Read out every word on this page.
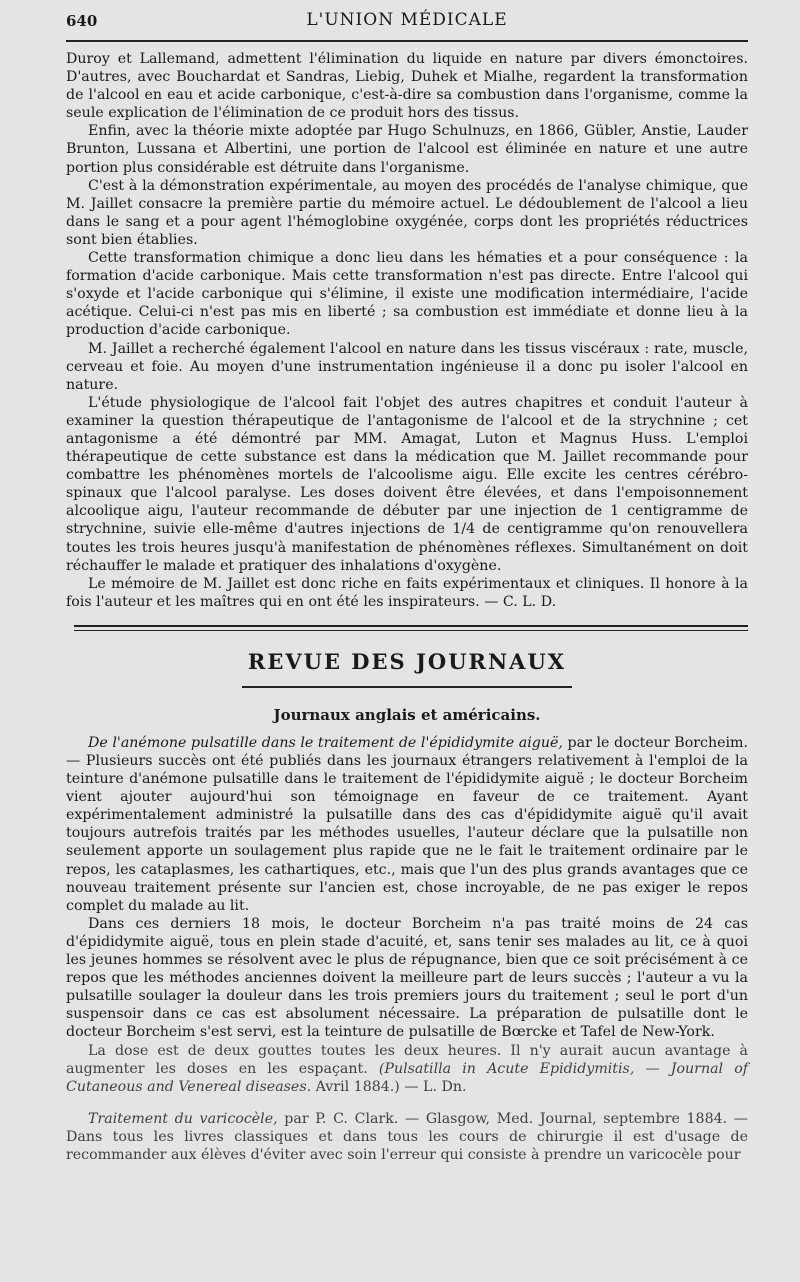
640	L'UNION MÉDICALE

Duroy et Lallemand, admettent l'élimination du liquide en nature par divers émonctoires. D'autres, avec Bouchardat et Sandras, Liebig, Duhek et Mialhe, regardent la transformation de l'alcool en eau et acide carbonique, c'est-à-dire sa combustion dans l'organisme, comme la seule explication de l'élimination de ce produit hors des tissus.

Enfin, avec la théorie mixte adoptée par Hugo Schulnuzs, en 1866, Gübler, Anstie, Lauder Brunton, Lussana et Albertini, une portion de l'alcool est éliminée en nature et une autre portion plus considérable est détruite dans l'organisme.

C'est à la démonstration expérimentale, au moyen des procédés de l'analyse chimique, que M. Jaillet consacre la première partie du mémoire actuel. Le dédoublement de l'alcool a lieu dans le sang et a pour agent l'hémoglobine oxygénée, corps dont les propriétés réductrices sont bien établies.

Cette transformation chimique a donc lieu dans les hématies et a pour conséquence : la formation d'acide carbonique. Mais cette transformation n'est pas directe. Entre l'alcool qui s'oxyde et l'acide carbonique qui s'élimine, il existe une modification intermédiaire, l'acide acétique. Celui-ci n'est pas mis en liberté ; sa combustion est immédiate et donne lieu à la production d'acide carbonique.

M. Jaillet a recherché également l'alcool en nature dans les tissus viscéraux : rate, muscle, cerveau et foie. Au moyen d'une instrumentation ingénieuse il a donc pu isoler l'alcool en nature.

L'étude physiologique de l'alcool fait l'objet des autres chapitres et conduit l'auteur à examiner la question thérapeutique de l'antagonisme de l'alcool et de la strychnine ; cet antagonisme a été démontré par MM. Amagat, Luton et Magnus Huss. L'emploi thérapeutique de cette substance est dans la médication que M. Jaillet recommande pour combattre les phénomènes mortels de l'alcoolisme aigu. Elle excite les centres cérébro-spinaux que l'alcool paralyse. Les doses doivent être élevées, et dans l'empoisonnement alcoolique aigu, l'auteur recommande de débuter par une injection de 1 centigramme de strychnine, suivie elle-même d'autres injections de 1/4 de centigramme qu'on renouvellera toutes les trois heures jusqu'à manifestation de phénomènes réflexes. Simultanément on doit réchauffer le malade et pratiquer des inhalations d'oxygène.

Le mémoire de M. Jaillet est donc riche en faits expérimentaux et cliniques. Il honore à la fois l'auteur et les maîtres qui en ont été les inspirateurs. — C. L. D.

REVUE DES JOURNAUX
Journaux anglais et américains.

De l'anémone pulsatille dans le traitement de l'épididymite aiguë, par le docteur Borcheim.— Plusieurs succès ont été publiés dans les journaux étrangers relativement à l'emploi de la teinture d'anémone pulsatille dans le traitement de l'épididymite aiguë ; le docteur Borcheim vient ajouter aujourd'hui son témoignage en faveur de ce traitement. Ayant expérimentalement administré la pulsatille dans des cas d'épididymite aiguë qu'il avait toujours autrefois traités par les méthodes usuelles, l'auteur déclare que la pulsatille non seulement apporte un soulagement plus rapide que ne le fait le traitement ordinaire par le repos, les cataplasmes, les cathartiques, etc., mais que l'un des plus grands avantages que ce nouveau traitement présente sur l'ancien est, chose incroyable, de ne pas exiger le repos complet du malade au lit.

Dans ces derniers 18 mois, le docteur Borcheim n'a pas traité moins de 24 cas d'épididymite aiguë, tous en plein stade d'acuité, et, sans tenir ses malades au lit, ce à quoi les jeunes hommes se résolvent avec le plus de répugnance, bien que ce soit précisément à ce repos que les méthodes anciennes doivent la meilleure part de leurs succès ; l'auteur a vu la pulsatille soulager la douleur dans les trois premiers jours du traitement ; seul le port d'un suspensoir dans ce cas est absolument nécessaire. La préparation de pulsatille dont le docteur Borcheim s'est servi, est la teinture de pulsatille de Bœrcke et Tafel de New-York.

La dose est de deux gouttes toutes les deux heures. Il n'y aurait aucun avantage à augmenter les doses en les espaçant. (Pulsatilla in Acute Epididymitis, — Journal of Cutaneous and Venereal diseases. Avril 1884.) — L. Dn.

Traitement du varicocèle, par P. C. Clark. — Glasgow, Med. Journal, septembre 1884. — Dans tous les livres classiques et dans tous les cours de chirurgie il est d'usage de recommander aux élèves d'éviter avec soin l'erreur qui consiste à prendre un varicocèle pour
